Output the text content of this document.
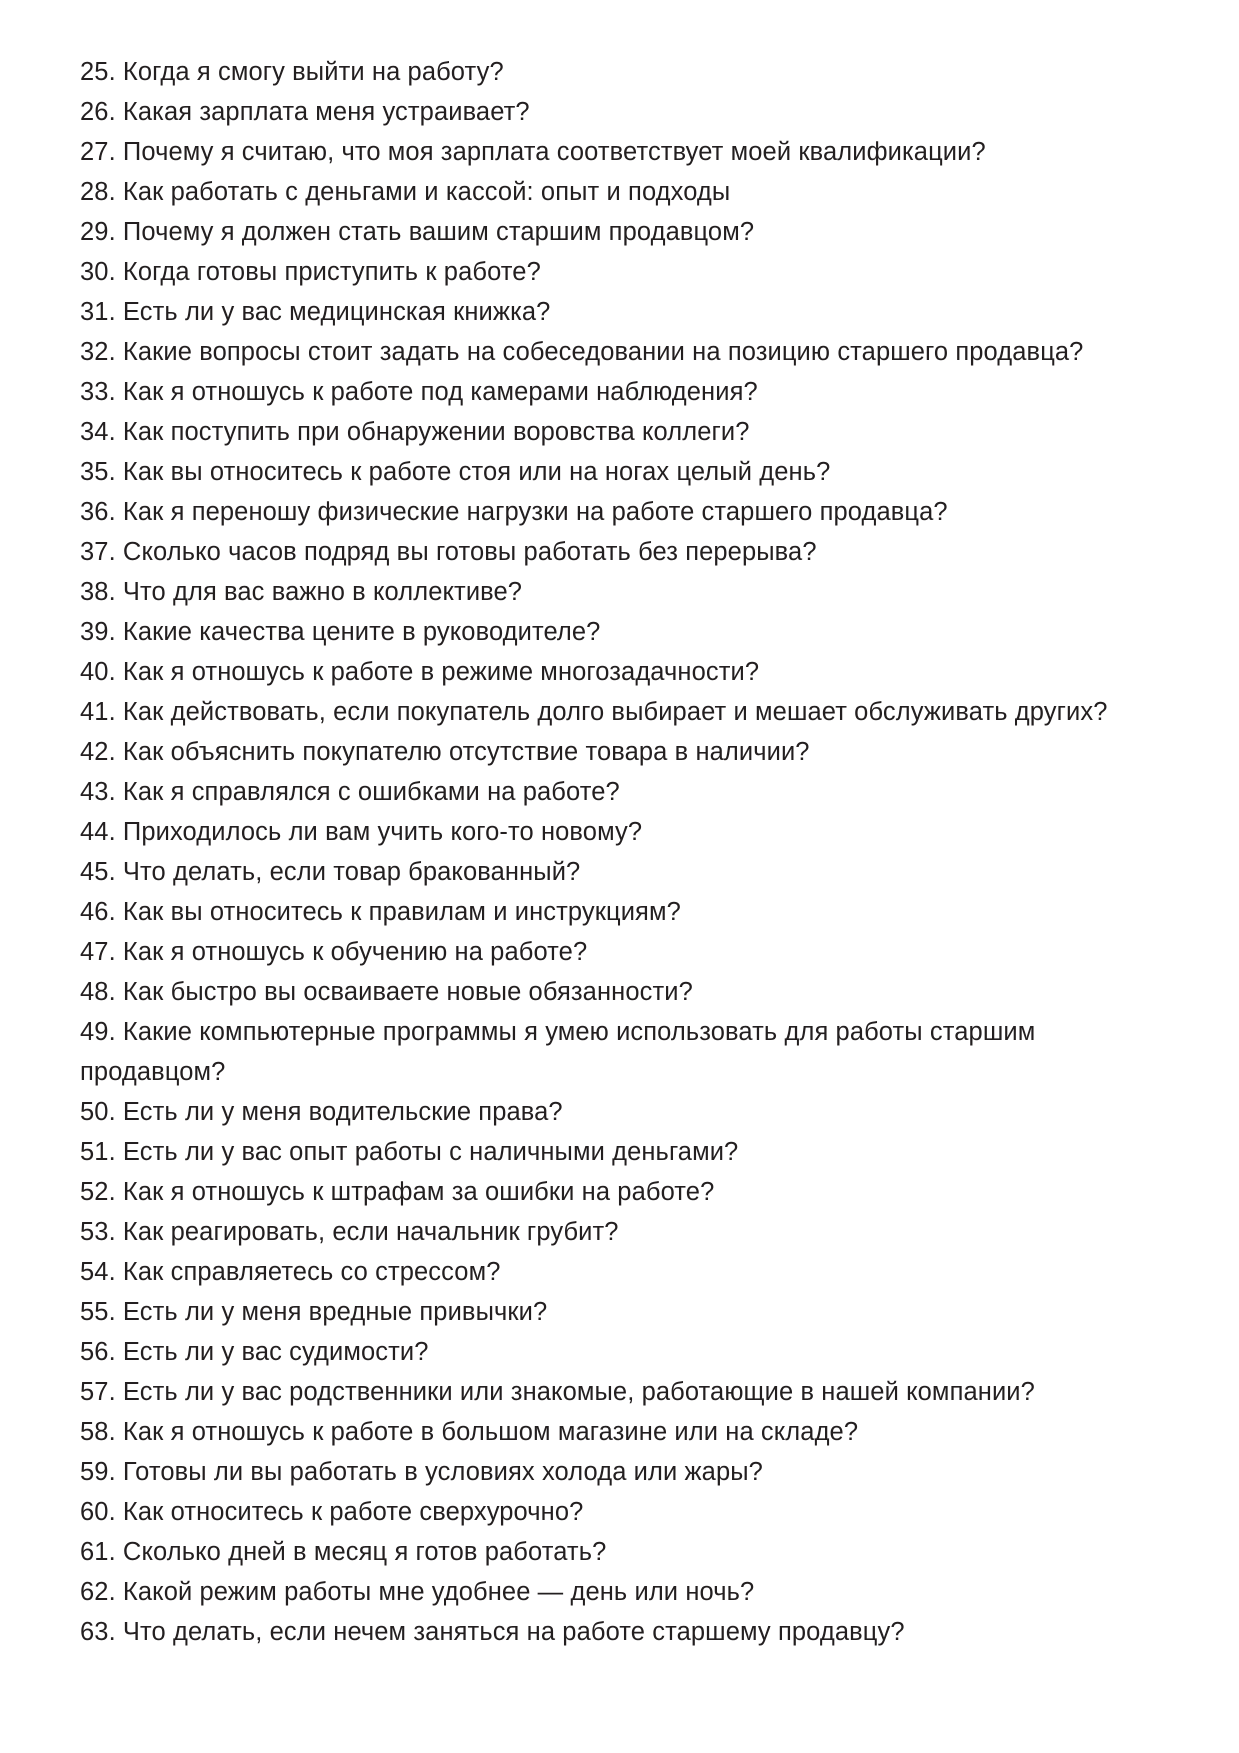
25. Когда я смогу выйти на работу?

26. Какая зарплата меня устраивает?

27. Почему я считаю, что моя зарплата соответствует моей квалификации?

28. Как работать с деньгами и кассой: опыт и подходы

29. Почему я должен стать вашим старшим продавцом?

30. Когда готовы приступить к работе?

31. Есть ли у вас медицинская книжка?

32. Какие вопросы стоит задать на собеседовании на позицию старшего продавца?

33. Как я отношусь к работе под камерами наблюдения?

34. Как поступить при обнаружении воровства коллеги?

35. Как вы относитесь к работе стоя или на ногах целый день?

36. Как я переношу физические нагрузки на работе старшего продавца?

37. Сколько часов подряд вы готовы работать без перерыва?

38. Что для вас важно в коллективе?

39. Какие качества цените в руководителе?

40. Как я отношусь к работе в режиме многозадачности?

41. Как действовать, если покупатель долго выбирает и мешает обслуживать других?

42. Как объяснить покупателю отсутствие товара в наличии?

43. Как я справлялся с ошибками на работе?

44. Приходилось ли вам учить кого-то новому?

45. Что делать, если товар бракованный?

46. Как вы относитесь к правилам и инструкциям?

47. Как я отношусь к обучению на работе?

48. Как быстро вы осваиваете новые обязанности?

49. Какие компьютерные программы я умею использовать для работы старшим продавцом?

50. Есть ли у меня водительские права?

51. Есть ли у вас опыт работы с наличными деньгами?

52. Как я отношусь к штрафам за ошибки на работе?

53. Как реагировать, если начальник грубит?

54. Как справляетесь со стрессом?

55. Есть ли у меня вредные привычки?

56. Есть ли у вас судимости?

57. Есть ли у вас родственники или знакомые, работающие в нашей компании?

58. Как я отношусь к работе в большом магазине или на складе?

59. Готовы ли вы работать в условиях холода или жары?

60. Как относитесь к работе сверхурочно?

61. Сколько дней в месяц я готов работать?

62. Какой режим работы мне удобнее — день или ночь?

63. Что делать, если нечем заняться на работе старшему продавцу?
